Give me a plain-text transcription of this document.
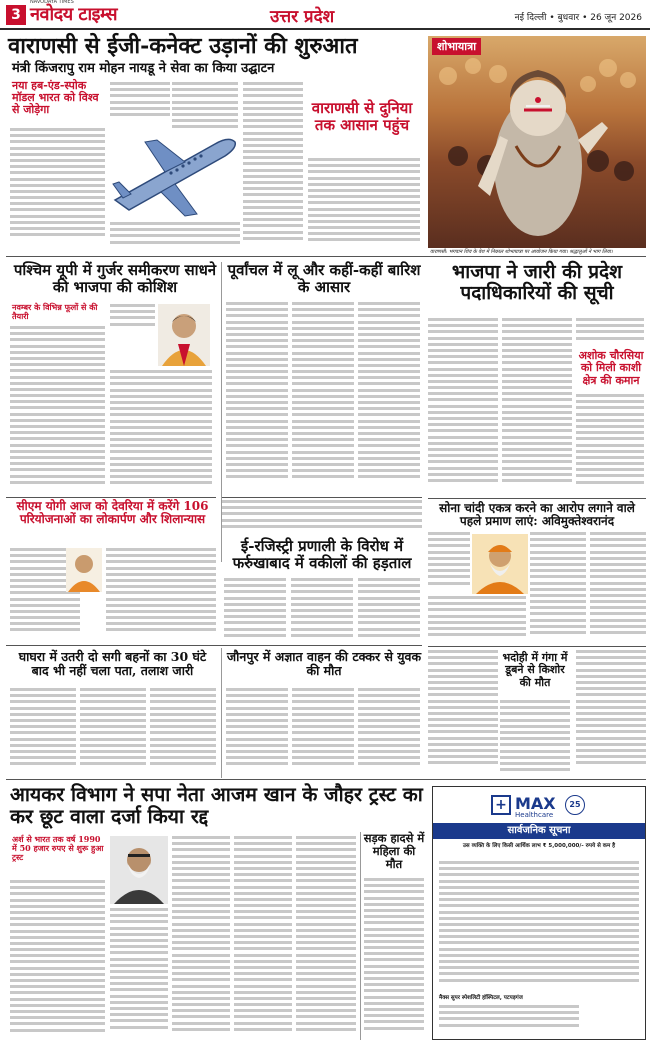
3
NAVODAYA TIMES
नवोदय टाइम्स	उत्तर प्रदेश	नई दिल्ली • बुधवार • 26 जून 2026
वाराणसी से ईजी-कनेक्ट उड़ानों की शुरुआत
मंत्री किंजरापु राम मोहन नायडू ने सेवा का किया उद्घाटन
नया हब-एंड-स्पोक मॉडल भारत को विश्व से जोड़ेगा	वाराणसी से दुनिया तक आसान पहुंच
शोभायात्रा
वाराणसी: भगवान शिव के वेश में निकाल शोभायात्रा पर आयोजन किया गया। श्रद्धालुओं ने भाग लिया।
पश्चिम यूपी में गुर्जर समीकरण साधने की भाजपा की कोशिश
नवम्बर के विभिन्न फूलों से की तैयारी
पूर्वांचल में लू और कहीं-कहीं बारिश के आसार
भाजपा ने जारी की प्रदेश पदाधिकारियों की सूची
अशोक चौरसिया को मिली काशी क्षेत्र की कमान
सीएम योगी आज को देवरिया में करेंगे 106 परियोजनाओं का लोकार्पण और शिलान्यास
ई-रजिस्ट्री प्रणाली के विरोध में फर्रुखाबाद में वकीलों की हड़ताल
सोना चांदी एकत्र करने का आरोप लगाने वाले पहले प्रमाण लाएं: अविमुक्तेश्वरानंद
घाघरा में उतरी दो सगी बहनों का 30 घंटे बाद भी नहीं चला पता, तलाश जारी
जौनपुर में अज्ञात वाहन की टक्कर से युवक की मौत
भदोही में गंगा में डूबने से किशोर की मौत
आयकर विभाग ने सपा नेता आजम खान के जौहर ट्रस्ट का कर छूट वाला दर्जा किया रद्द
अर्श से भारत तक वर्ष 1990 में 50 हजार रुपए से शुरू हुआ ट्रस्ट
सड़क हादसे में महिला की मौत
+ MAX
Healthcare
25
सार्वजनिक सूचना
उस व्यक्ति के लिए किसी आर्थिक लाभ ₹ 5,000,000/- रुपये से कम है
मैक्स सुपर स्पेशलिटी हॉस्पिटल, पटपड़गंज
